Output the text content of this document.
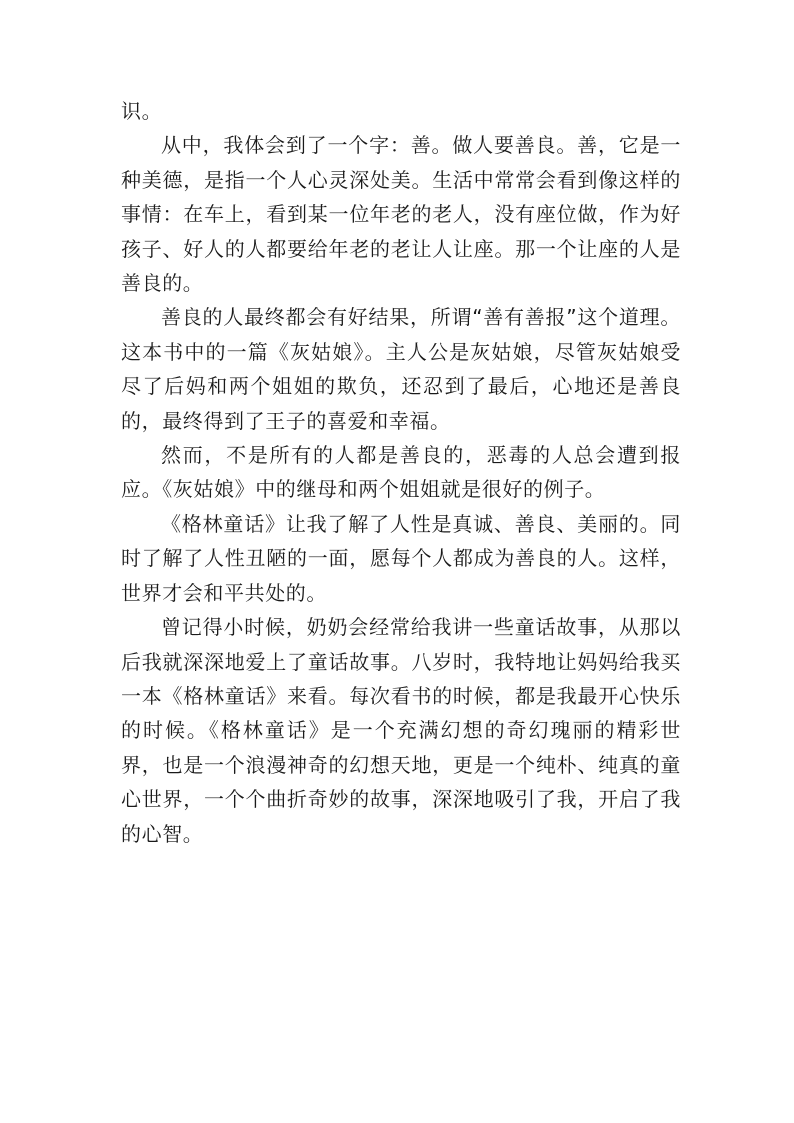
识。

从中，我体会到了一个字：善。做人要善良。善，它是一种美德，是指一个人心灵深处美。生活中常常会看到像这样的事情：在车上，看到某一位年老的老人，没有座位做，作为好孩子、好人的人都要给年老的老让人让座。那一个让座的人是善良的。

善良的人最终都会有好结果，所谓“善有善报”这个道理。这本书中的一篇《灰姑娘》。主人公是灰姑娘，尽管灰姑娘受尽了后妈和两个姐姐的欺负，还忍到了最后，心地还是善良的，最终得到了王子的喜爱和幸福。

然而，不是所有的人都是善良的，恶毒的人总会遭到报应。《灰姑娘》中的继母和两个姐姐就是很好的例子。

《格林童话》让我了解了人性是真诚、善良、美丽的。同时了解了人性丑陋的一面，愿每个人都成为善良的人。这样，世界才会和平共处的。

曾记得小时候，奶奶会经常给我讲一些童话故事，从那以后我就深深地爱上了童话故事。八岁时，我特地让妈妈给我买一本《格林童话》来看。每次看书的时候，都是我最开心快乐的时候。《格林童话》是一个充满幻想的奇幻瑰丽的精彩世界，也是一个浪漫神奇的幻想天地，更是一个纯朴、纯真的童心世界，一个个曲折奇妙的故事，深深地吸引了我，开启了我的心智。
